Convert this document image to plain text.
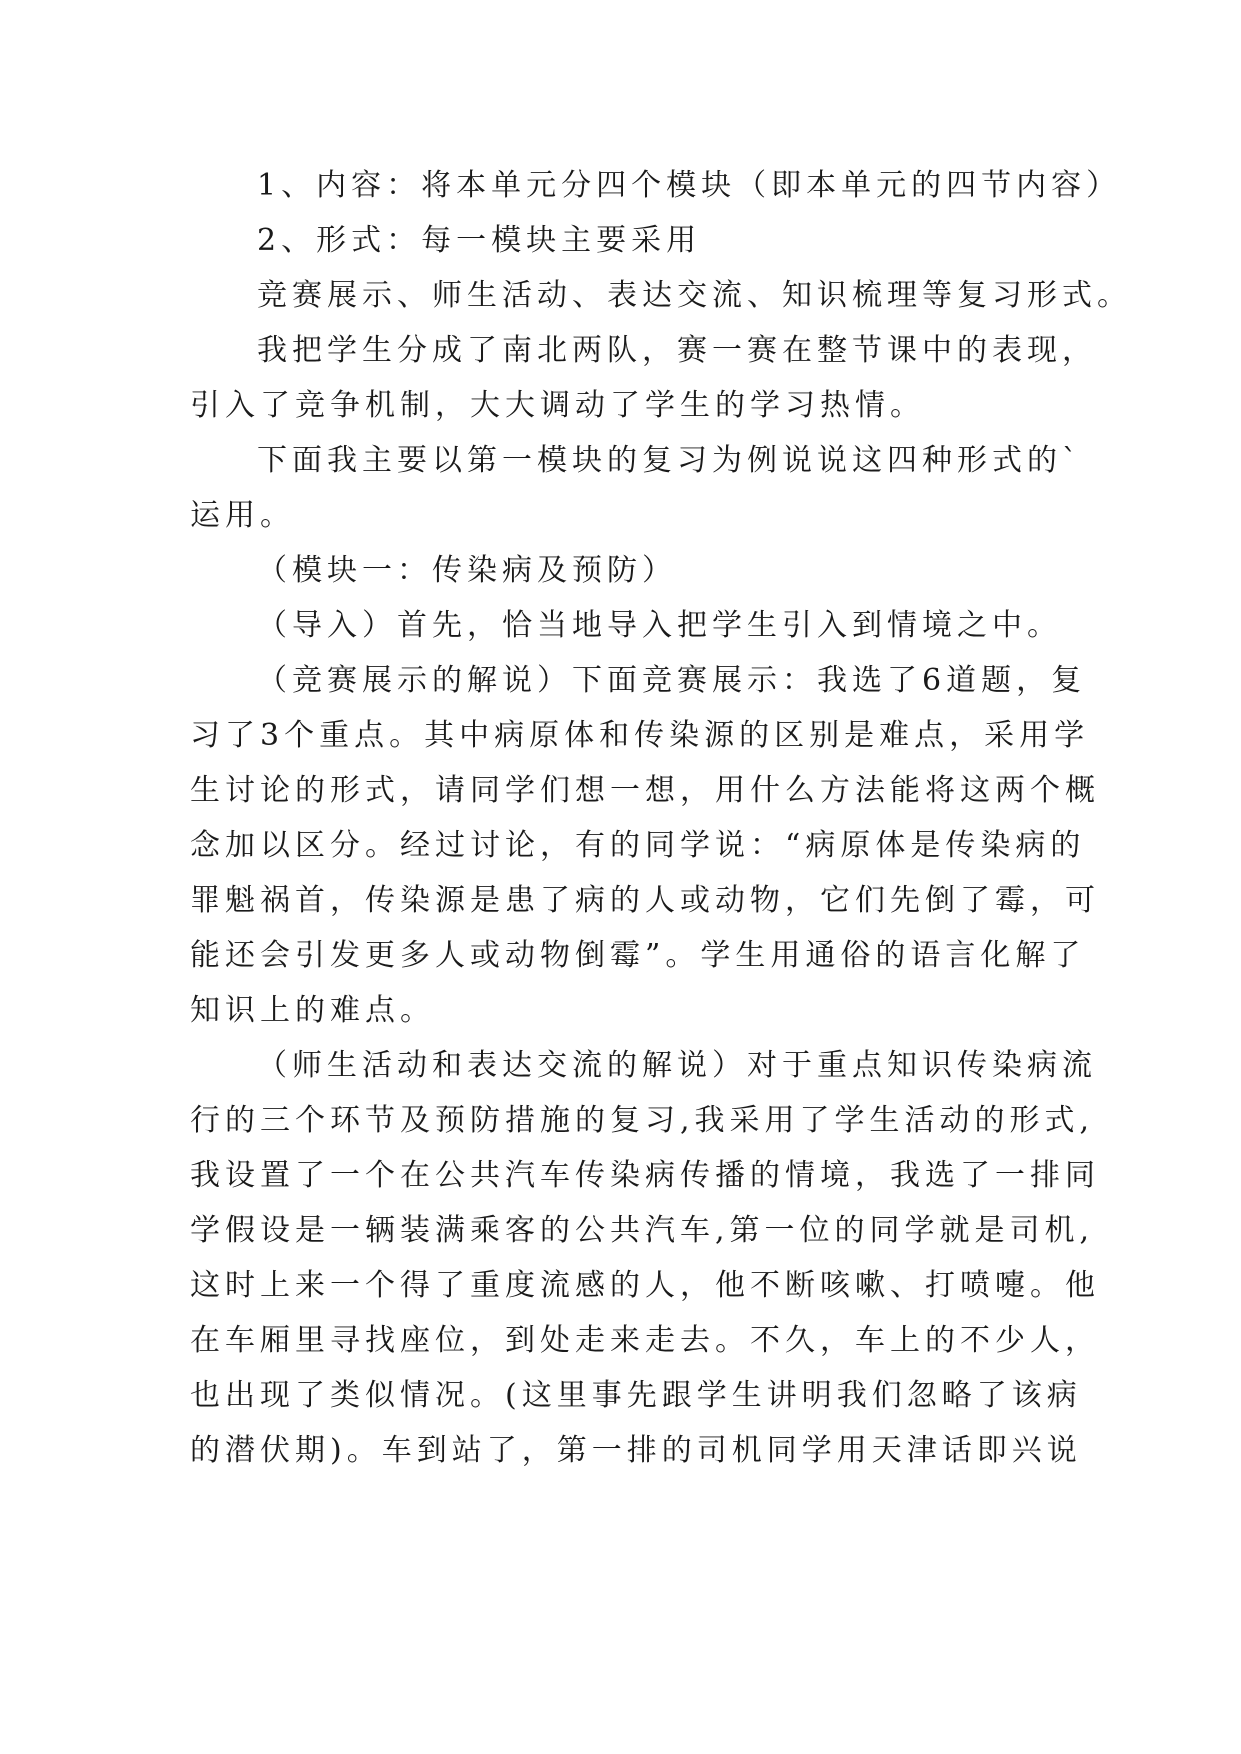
1、内容：将本单元分四个模块（即本单元的四节内容）
2、形式：每一模块主要采用
竞赛展示、师生活动、表达交流、知识梳理等复习形式。
我把学生分成了南北两队，赛一赛在整节课中的表现，
引入了竞争机制，大大调动了学生的学习热情。
下面我主要以第一模块的复习为例说说这四种形式的`
运用。
（模块一：传染病及预防）
（导入）首先，恰当地导入把学生引入到情境之中。
（竞赛展示的解说）下面竞赛展示：我选了6道题，复
习了3个重点。其中病原体和传染源的区别是难点，采用学
生讨论的形式，请同学们想一想，用什么方法能将这两个概
念加以区分。经过讨论，有的同学说：“病原体是传染病的
罪魁祸首，传染源是患了病的人或动物，它们先倒了霉，可
能还会引发更多人或动物倒霉”。学生用通俗的语言化解了
知识上的难点。
（师生活动和表达交流的解说）对于重点知识传染病流
行的三个环节及预防措施的复习,我采用了学生活动的形式,
我设置了一个在公共汽车传染病传播的情境，我选了一排同
学假设是一辆装满乘客的公共汽车,第一位的同学就是司机,
这时上来一个得了重度流感的人，他不断咳嗽、打喷嚏。他
在车厢里寻找座位，到处走来走去。不久，车上的不少人，
也出现了类似情况。(这里事先跟学生讲明我们忽略了该病
的潜伏期)。车到站了，第一排的司机同学用天津话即兴说
